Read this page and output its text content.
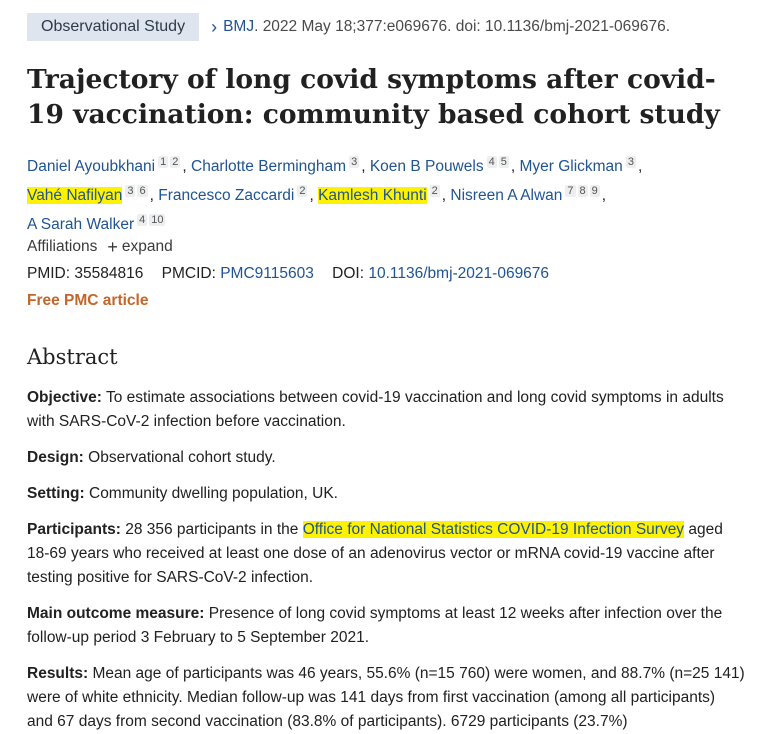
Observational Study	› BMJ . 2022 May 18;377:e069676. doi: 10.1136/bmj-2021-069676.
Trajectory of long covid symptoms after covid-19 vaccination: community based cohort study
Daniel Ayoubkhani $^{1 2}$ , Charlotte Bermingham $^3$ , Koen B Pouwels $^{4 5}$ , Myer Glickman $^3$ , Vahé Nafilyan $^{3 6}$ , Francesco Zaccardi $^2$ , Kamlesh Khunti $^2$ , Nisreen A Alwan $^{7 8 9}$ , A Sarah Walker $^{4 10}$
Affiliations + expand
PMID: 35584816 PMCID: PMC9115603 DOI: 10.1136/bmj-2021-069676
Free PMC article
Abstract
Objective: To estimate associations between covid-19 vaccination and long covid symptoms in adults with SARS-CoV-2 infection before vaccination.
Design: Observational cohort study.
Setting: Community dwelling population, UK.
Participants: 28 356 participants in the Office for National Statistics COVID-19 Infection Survey aged 18-69 years who received at least one dose of an adenovirus vector or mRNA covid-19 vaccine after testing positive for SARS-CoV-2 infection.
Main outcome measure: Presence of long covid symptoms at least 12 weeks after infection over the follow-up period 3 February to 5 September 2021.
Results: Mean age of participants was 46 years, 55.6% (n=15 760) were women, and 88.7% (n=25 141) were of white ethnicity. Median follow-up was 141 days from first vaccination (among all participants) and 67 days from second vaccination (83.8% of participants). 6729 participants (23.7%)
